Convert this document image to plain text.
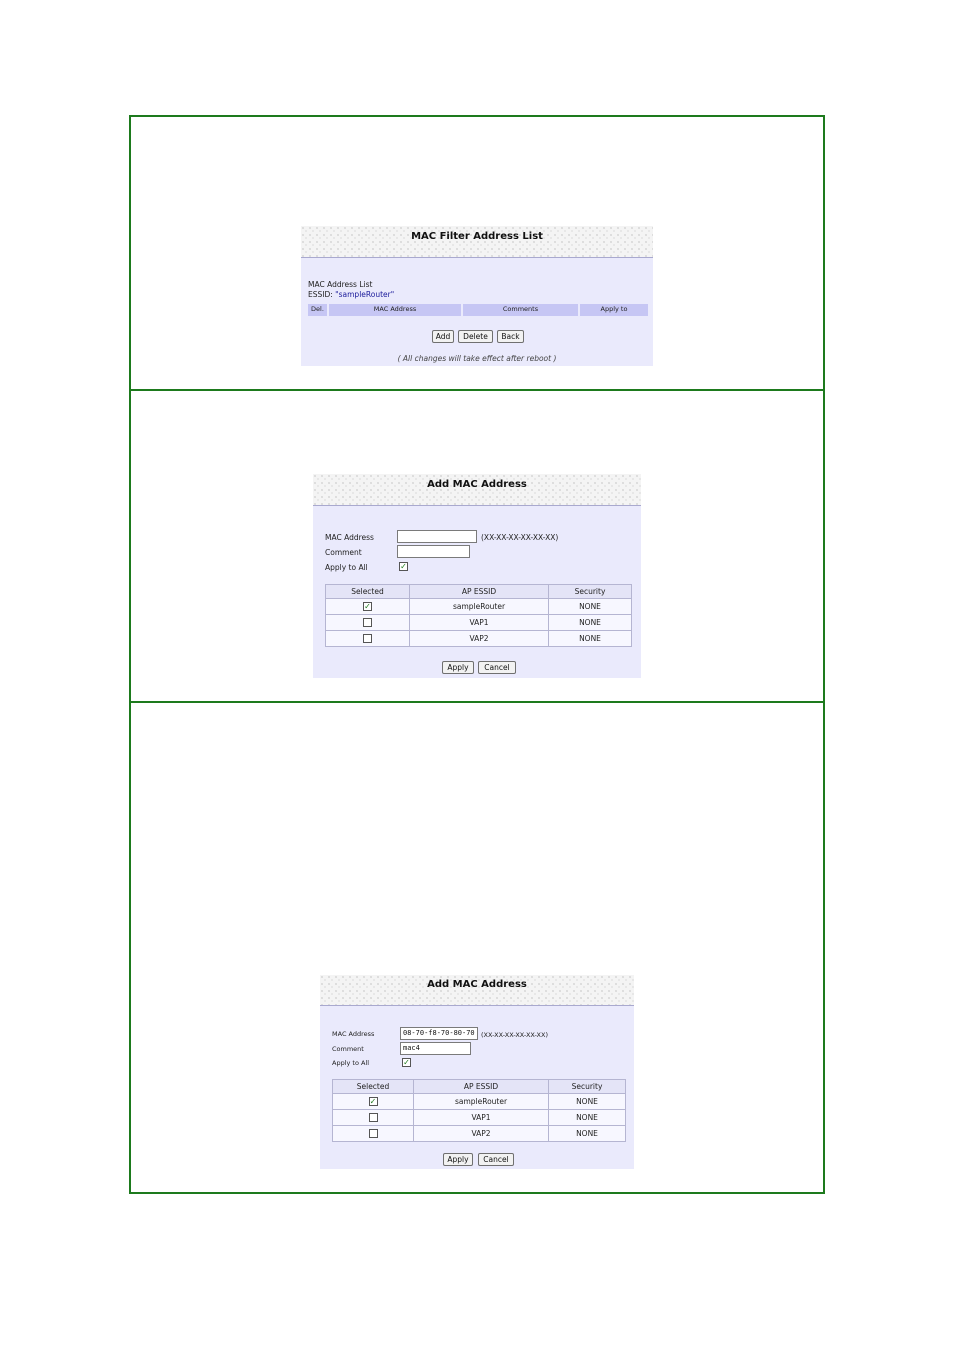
MAC Filter Address List
MAC Address List
ESSID: "sampleRouter"
Del.	MAC Address	Comments	Apply to
Add	Delete	Back
( All changes will take effect after reboot )
Add MAC Address
MAC Address	(XX-XX-XX-XX-XX-XX)
Comment
Apply to All	✓
Selected	AP ESSID	Security
✓	sampleRouter	NONE
	VAP1	NONE
	VAP2	NONE
Apply	Cancel
Add MAC Address
MAC Address	08-70-f8-70-80-70 (XX-XX-XX-XX-XX-XX)
Comment	mac4
Apply to All	✓
Selected	AP ESSID	Security
✓	sampleRouter	NONE
	VAP1	NONE
	VAP2	NONE
Apply	Cancel
